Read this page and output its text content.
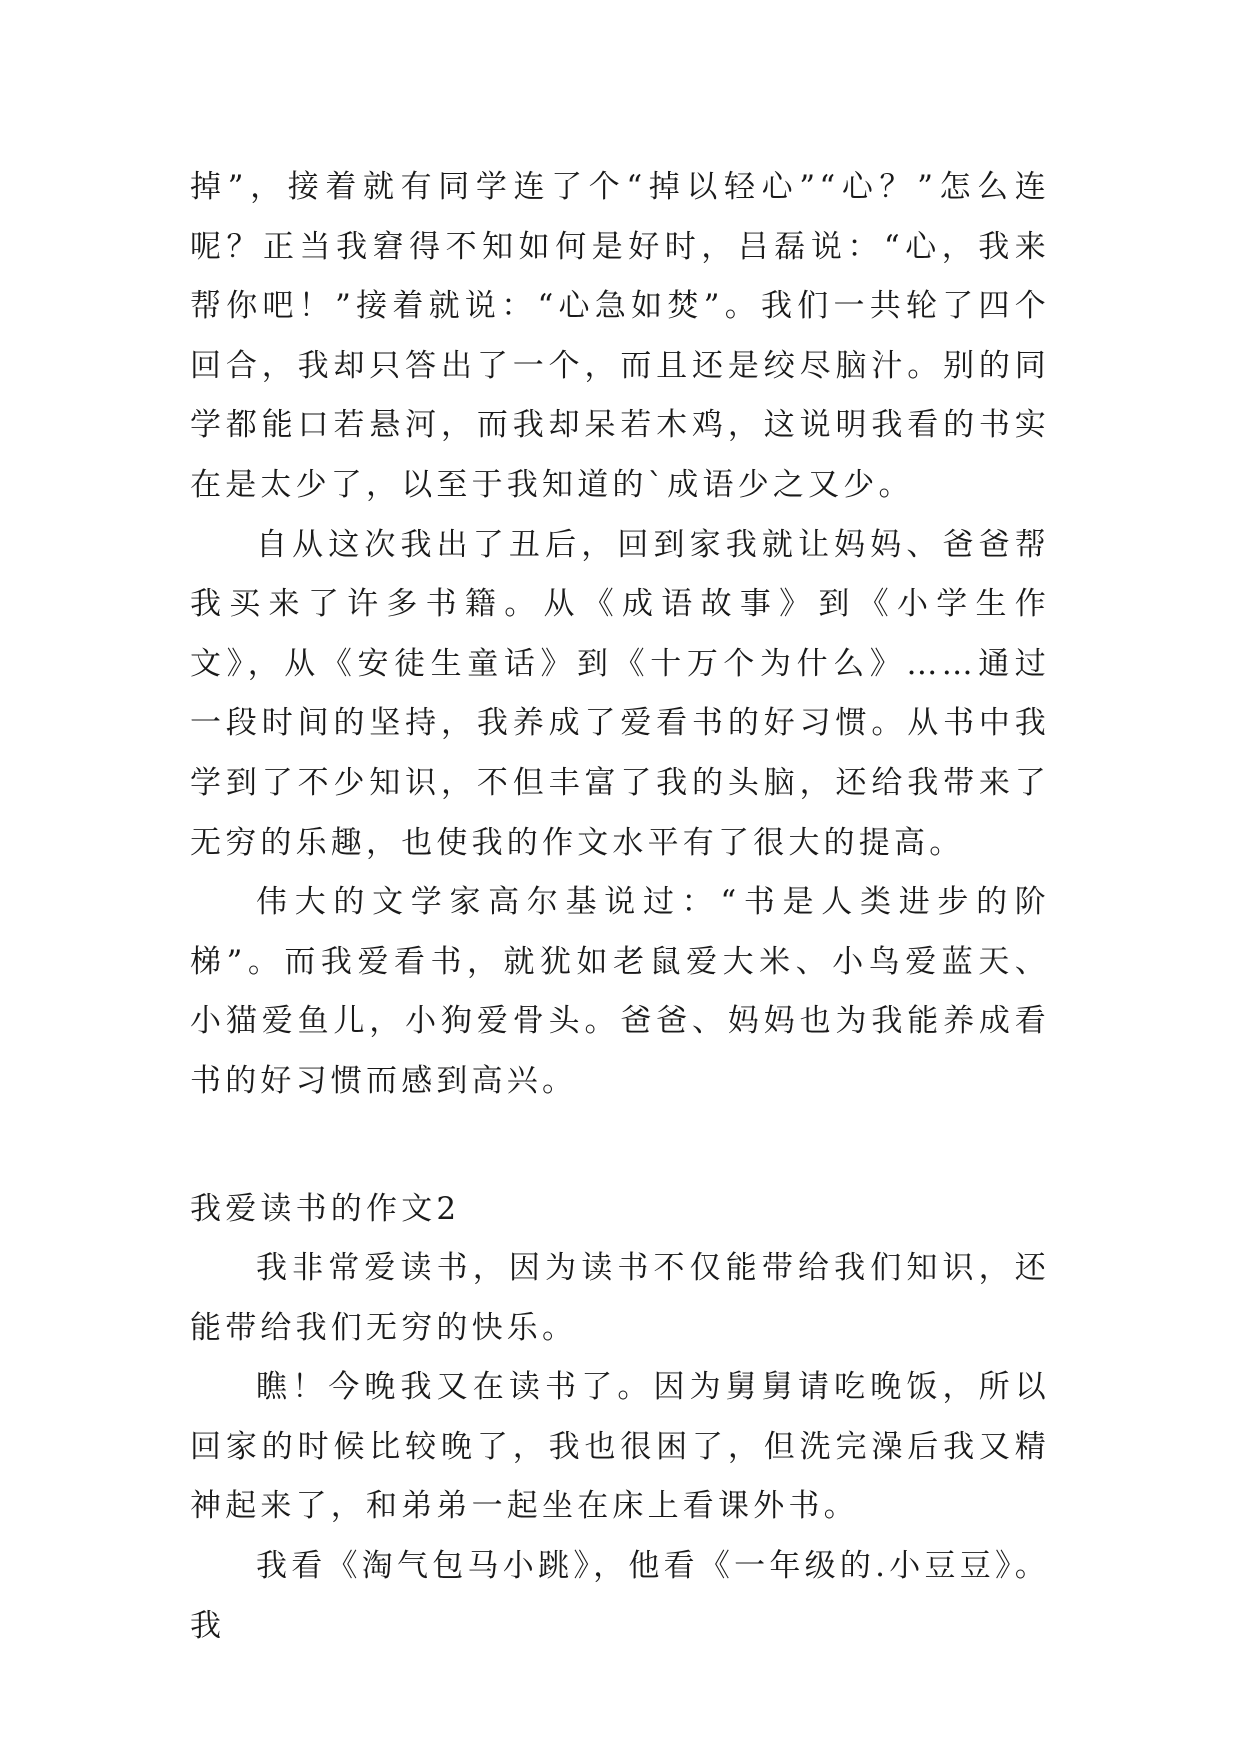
掉”，接着就有同学连了个“掉以轻心”“心？”怎么连呢？正当我窘得不知如何是好时，吕磊说：“心，我来帮你吧！”接着就说：“心急如焚”。我们一共轮了四个回合，我却只答出了一个，而且还是绞尽脑汁。别的同学都能口若悬河，而我却呆若木鸡，这说明我看的书实在是太少了，以至于我知道的`成语少之又少。

自从这次我出了丑后，回到家我就让妈妈、爸爸帮我买来了许多书籍。从《成语故事》到《小学生作文》，从《安徒生童话》到《十万个为什么》……通过一段时间的坚持，我养成了爱看书的好习惯。从书中我学到了不少知识，不但丰富了我的头脑，还给我带来了无穷的乐趣，也使我的作文水平有了很大的提高。

伟大的文学家高尔基说过：“书是人类进步的阶梯”。而我爱看书，就犹如老鼠爱大米、小鸟爱蓝天、小猫爱鱼儿，小狗爱骨头。爸爸、妈妈也为我能养成看书的好习惯而感到高兴。

我爱读书的作文2

我非常爱读书，因为读书不仅能带给我们知识，还能带给我们无穷的快乐。

瞧！今晚我又在读书了。因为舅舅请吃晚饭，所以回家的时候比较晚了，我也很困了，但洗完澡后我又精神起来了，和弟弟一起坐在床上看课外书。

我看《淘气包马小跳》，他看《一年级的.小豆豆》。我
